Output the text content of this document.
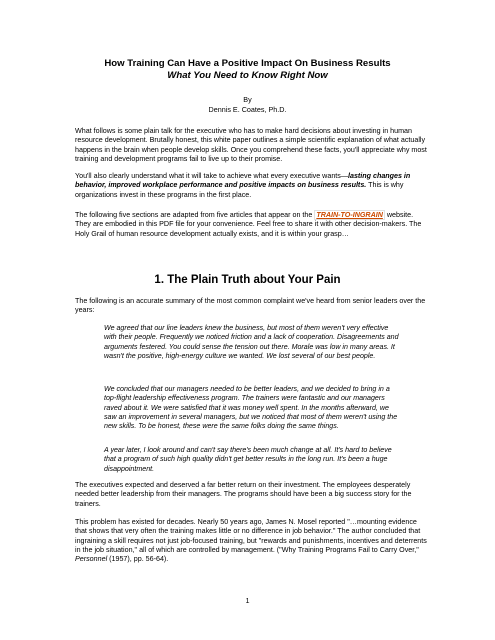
How Training Can Have a Positive Impact On Business Results
What You Need to Know Right Now
By
Dennis E. Coates, Ph.D.

What follows is some plain talk for the executive who has to make hard decisions about investing in human resource development. Brutally honest, this white paper outlines a simple scientific explanation of what actually happens in the brain when people develop skills. Once you comprehend these facts, you'll appreciate why most training and development programs fail to live up to their promise.

You'll also clearly understand what it will take to achieve what every executive wants—lasting changes in behavior, improved workplace performance and positive impacts on business results. This is why organizations invest in these programs in the first place.

The following five sections are adapted from five articles that appear on the TRAIN-TO-INGRAIN website. They are embodied in this PDF file for your convenience. Feel free to share it with other decision-makers. The Holy Grail of human resource development actually exists, and it is within your grasp…

1. The Plain Truth about Your Pain

The following is an accurate summary of the most common complaint we've heard from senior leaders over the years:

We agreed that our line leaders knew the business, but most of them weren't very effective with their people. Frequently we noticed friction and a lack of cooperation. Disagreements and arguments festered. You could sense the tension out there. Morale was low in many areas. It wasn't the positive, high-energy culture we wanted. We lost several of our best people.

We concluded that our managers needed to be better leaders, and we decided to bring in a top-flight leadership effectiveness program. The trainers were fantastic and our managers raved about it. We were satisfied that it was money well spent. In the months afterward, we saw an improvement in several managers, but we noticed that most of them weren't using the new skills. To be honest, these were the same folks doing the same things.

A year later, I look around and can't say there's been much change at all. It's hard to believe that a program of such high quality didn't get better results in the long run. It's been a huge disappointment.

The executives expected and deserved a far better return on their investment. The employees desperately needed better leadership from their managers. The programs should have been a big success story for the trainers.

This problem has existed for decades. Nearly 50 years ago, James N. Mosel reported "…mounting evidence that shows that very often the training makes little or no difference in job behavior." The author concluded that ingraining a skill requires not just job-focused training, but "rewards and punishments, incentives and deterrents in the job situation," all of which are controlled by management. ("Why Training Programs Fail to Carry Over," Personnel (1957), pp. 56-64).

1
